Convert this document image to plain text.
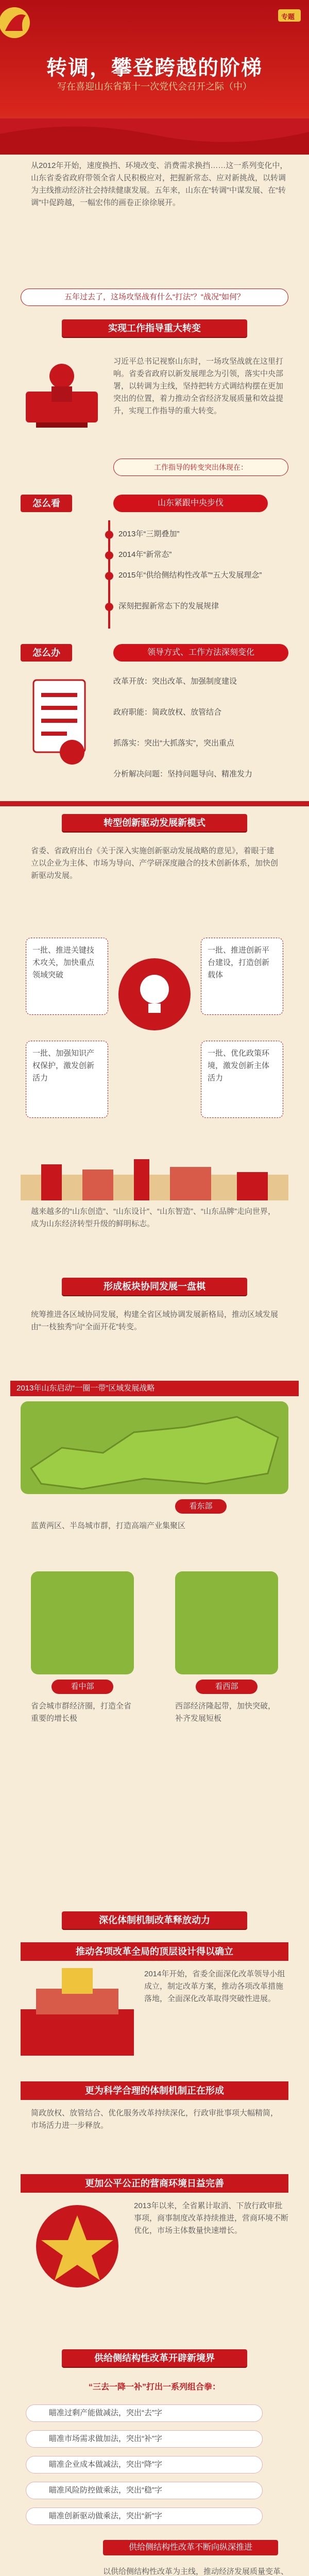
专题
转调，攀登跨越的阶梯
写在喜迎山东省第十一次党代会召开之际（中）
从2012年开始，速度换挡、环境改变、消费需求换挡……这一系列变化中，山东省委省政府带领全省人民积极应对，把握新常态、应对新挑战，以转调为主线推动经济社会持续健康发展。五年来，山东在“转调”中谋发展、在“转调”中促跨越，一幅宏伟的画卷正徐徐展开。
五年过去了，这场攻坚战有什么“打法”？“战况”如何？
实现工作指导重大转变
习近平总书记视察山东时，一场攻坚战就在这里打响。省委省政府以新发展理念为引领，落实中央部署，以转调为主线，坚持把转方式调结构摆在更加突出的位置，着力推动全省经济发展质量和效益提升，实现工作指导的重大转变。
工作指导的转变突出体现在：
怎么看	山东紧跟中央步伐
2013年“三期叠加”
2014年“新常态”
2015年“供给侧结构性改革”“五大发展理念”
深刻把握新常态下的发展规律
怎么办	领导方式、工作方法深刻变化
改革开放：突出改革、加强制度建设
政府职能：简政放权、放管结合
抓落实：突出“大抓落实”，突出重点
分析解决问题：坚持问题导向、精准发力
转型创新驱动发展新模式
省委、省政府出台《关于深入实施创新驱动发展战略的意见》，着眼于建立以企业为主体、市场为导向、产学研深度融合的技术创新体系，加快创新驱动发展。
一批、推进关键技术攻关，加快重点领域突破
一批、推进创新平台建设，打造创新载体
一批、加强知识产权保护，激发创新活力
一批、优化政策环境，激发创新主体活力
越来越多的“山东创造”、“山东设计”、“山东智造”、“山东品牌”走向世界，成为山东经济转型升级的鲜明标志。
形成板块协同发展一盘棋
统筹推进各区域协同发展，构建全省区域协调发展新格局，推动区域发展由“一枝独秀”向“全面开花”转变。
2013年山东启动“一圈一带”区域发展战略
看东部
蓝黄两区、半岛城市群，打造高端产业集聚区
看中部	看西部
省会城市群经济圈，打造全省重要的增长极
西部经济隆起带，加快突破，补齐发展短板
深化体制机制改革释放动力
推动各项改革全局的顶层设计得以确立
2014年开始，省委全面深化改革领导小组成立，制定改革方案，推动各项改革措施落地，全面深化改革取得突破性进展。
更为科学合理的体制机制正在形成
简政放权、放管结合、优化服务改革持续深化，行政审批事项大幅精简，市场活力进一步释放。
更加公平公正的营商环境日益完善
2013年以来，全省累计取消、下放行政审批事项，商事制度改革持续推进，营商环境不断优化，市场主体数量快速增长。
供给侧结构性改革开辟新境界
“三去一降一补”打出一系列组合拳：
瞄准过剩产能做减法，突出“去”字
瞄准市场需求做加法，突出“补”字
瞄准企业成本做减法，突出“降”字
瞄准风险防控做乘法，突出“稳”字
瞄准创新驱动做乘法，突出“新”字
供给侧结构性改革不断向纵深推进
以供给侧结构性改革为主线，推动经济发展质量变革、
